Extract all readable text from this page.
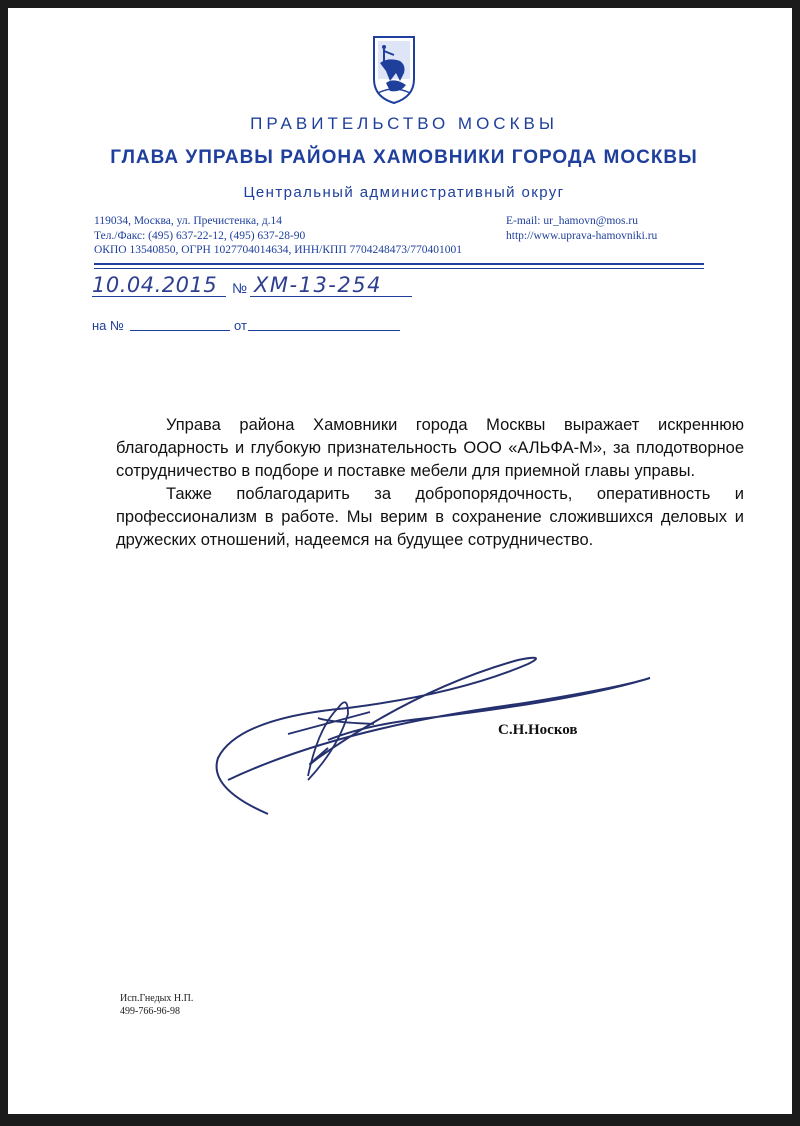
ПРАВИТЕЛЬСТВО МОСКВЫ
ГЛАВА УПРАВЫ РАЙОНА ХАМОВНИКИ ГОРОДА МОСКВЫ
Центральный административный округ
119034, Москва, ул. Пречистенка, д.14
Тел./Факс: (495) 637-22-12, (495) 637-28-90
ОКПО 13540850, ОГРН 1027704014634, ИНН/КПП 7704248473/770401001
E-mail: ur_hamovn@mos.ru
http://www.uprava-hamovniki.ru
10.04.2015 № ХМ-13-254
на №	от

Управа района Хамовники города Москвы выражает искреннюю благодарность и глубокую признательность ООО «АЛЬФА-М», за плодотворное сотрудничество в подборе и поставке мебели для приемной главы управы.

Также поблагодарить за добропорядочность, оперативность и профессионализм в работе. Мы верим в сохранение сложившихся деловых и дружеских отношений, надеемся на будущее сотрудничество.

С.Н.Носков
Исп.Гнедых Н.П.
499-766-96-98
